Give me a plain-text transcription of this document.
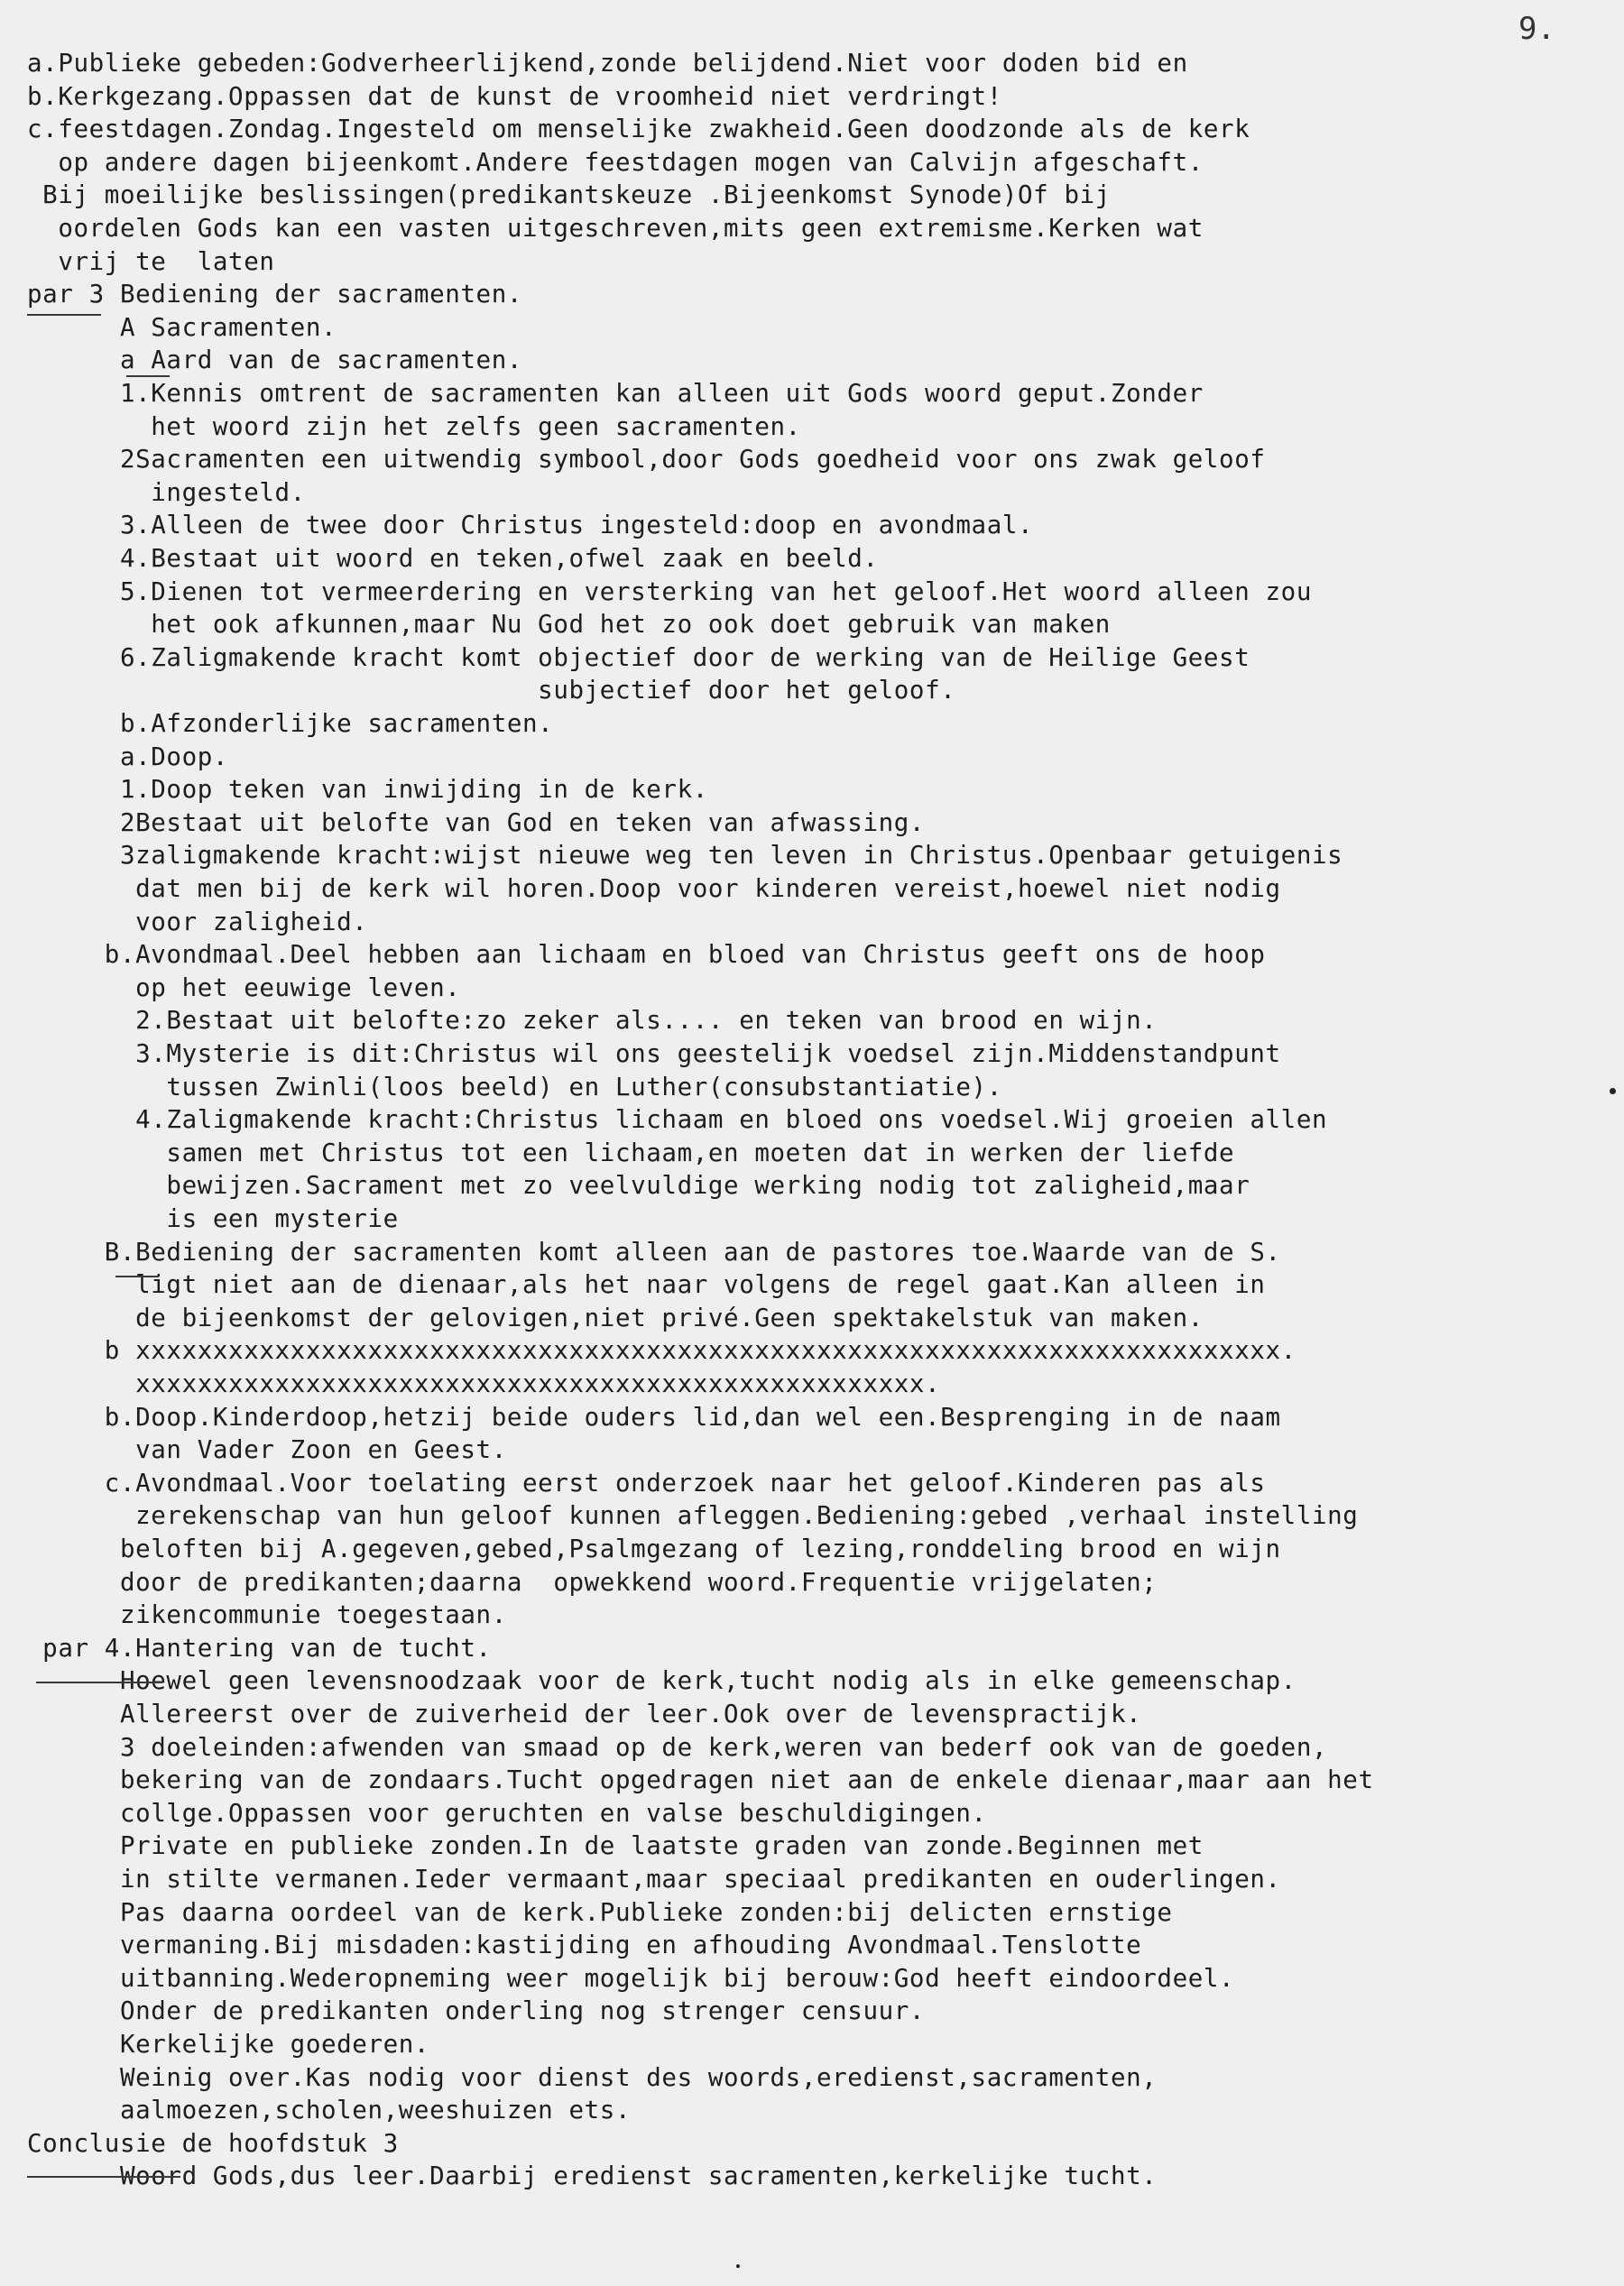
9.
a.Publieke gebeden:Godverheerlijkend,zonde belijdend.Niet voor doden bid en
b.Kerkgezang.Oppassen dat de kunst de vroomheid niet verdringt!
c.feestdagen.Zondag.Ingesteld om menselijke zwakheid.Geen doodzonde als de kerk
op andere dagen bijeenkomt.Andere feestdagen mogen van Calvijn afgeschaft.
Bij moeilijke beslissingen(predikantskeuze .Bijeenkomst Synode)Of bij
oordelen Gods kan een vasten uitgeschreven,mits geen extremisme.Kerken wat
vrij te  laten
par 3 Bediening der sacramenten.
A Sacramenten.
a Aard van de sacramenten.
1.Kennis omtrent de sacramenten kan alleen uit Gods woord geput.Zonder
het woord zijn het zelfs geen sacramenten.
2Sacramenten een uitwendig symbool,door Gods goedheid voor ons zwak geloof
ingesteld.
3.Alleen de twee door Christus ingesteld:doop en avondmaal.
4.Bestaat uit woord en teken,ofwel zaak en beeld.
5.Dienen tot vermeerdering en versterking van het geloof.Het woord alleen zou
het ook afkunnen,maar Nu God het zo ook doet gebruik van maken
6.Zaligmakende kracht komt objectief door de werking van de Heilige Geest
subjectief door het geloof.
b.Afzonderlijke sacramenten.
a.Doop.
1.Doop teken van inwijding in de kerk.
2Bestaat uit belofte van God en teken van afwassing.
3zaligmakende kracht:wijst nieuwe weg ten leven in Christus.Openbaar getuigenis
dat men bij de kerk wil horen.Doop voor kinderen vereist,hoewel niet nodig
voor zaligheid.
b.Avondmaal.Deel hebben aan lichaam en bloed van Christus geeft ons de hoop
op het eeuwige leven.
2.Bestaat uit belofte:zo zeker als.... en teken van brood en wijn.
3.Mysterie is dit:Christus wil ons geestelijk voedsel zijn.Middenstandpunt
tussen Zwinli(loos beeld) en Luther(consubstantiatie).
4.Zaligmakende kracht:Christus lichaam en bloed ons voedsel.Wij groeien allen
samen met Christus tot een lichaam,en moeten dat in werken der liefde
bewijzen.Sacrament met zo veelvuldige werking nodig tot zaligheid,maar
is een mysterie
B.Bediening der sacramenten komt alleen aan de pastores toe.Waarde van de S.
ligt niet aan de dienaar,als het naar volgens de regel gaat.Kan alleen in
de bijeenkomst der gelovigen,niet privé.Geen spektakelstuk van maken.
b xxxxxxxxxxxxxxxxxxxxxxxxxxxxxxxxxxxxxxxxxxxxxxxxxxxxxxxxxxxxxxxxxxxxxxxxxx.
xxxxxxxxxxxxxxxxxxxxxxxxxxxxxxxxxxxxxxxxxxxxxxxxxxx.
b.Doop.Kinderdoop,hetzij beide ouders lid,dan wel een.Besprenging in de naam
van Vader Zoon en Geest.
c.Avondmaal.Voor toelating eerst onderzoek naar het geloof.Kinderen pas als
zerekenschap van hun geloof kunnen afleggen.Bediening:gebed ,verhaal instelling
beloften bij A.gegeven,gebed,Psalmgezang of lezing,ronddeling brood en wijn
door de predikanten;daarna  opwekkend woord.Frequentie vrijgelaten;
zikencommunie toegestaan.
par 4.Hantering van de tucht.
Hoewel geen levensnoodzaak voor de kerk,tucht nodig als in elke gemeenschap.
Allereerst over de zuiverheid der leer.Ook over de levenspractijk.
3 doeleinden:afwenden van smaad op de kerk,weren van bederf ook van de goeden,
bekering van de zondaars.Tucht opgedragen niet aan de enkele dienaar,maar aan het
collge.Oppassen voor geruchten en valse beschuldigingen.
Private en publieke zonden.In de laatste graden van zonde.Beginnen met
in stilte vermanen.Ieder vermaant,maar speciaal predikanten en ouderlingen.
Pas daarna oordeel van de kerk.Publieke zonden:bij delicten ernstige
vermaning.Bij misdaden:kastijding en afhouding Avondmaal.Tenslotte
uitbanning.Wederopneming weer mogelijk bij berouw:God heeft eindoordeel.
Onder de predikanten onderling nog strenger censuur.
Kerkelijke goederen.
Weinig over.Kas nodig voor dienst des woords,eredienst,sacramenten,
aalmoezen,scholen,weeshuizen ets.
Conclusie de hoofdstuk 3
Woord Gods,dus leer.Daarbij eredienst sacramenten,kerkelijke tucht.
